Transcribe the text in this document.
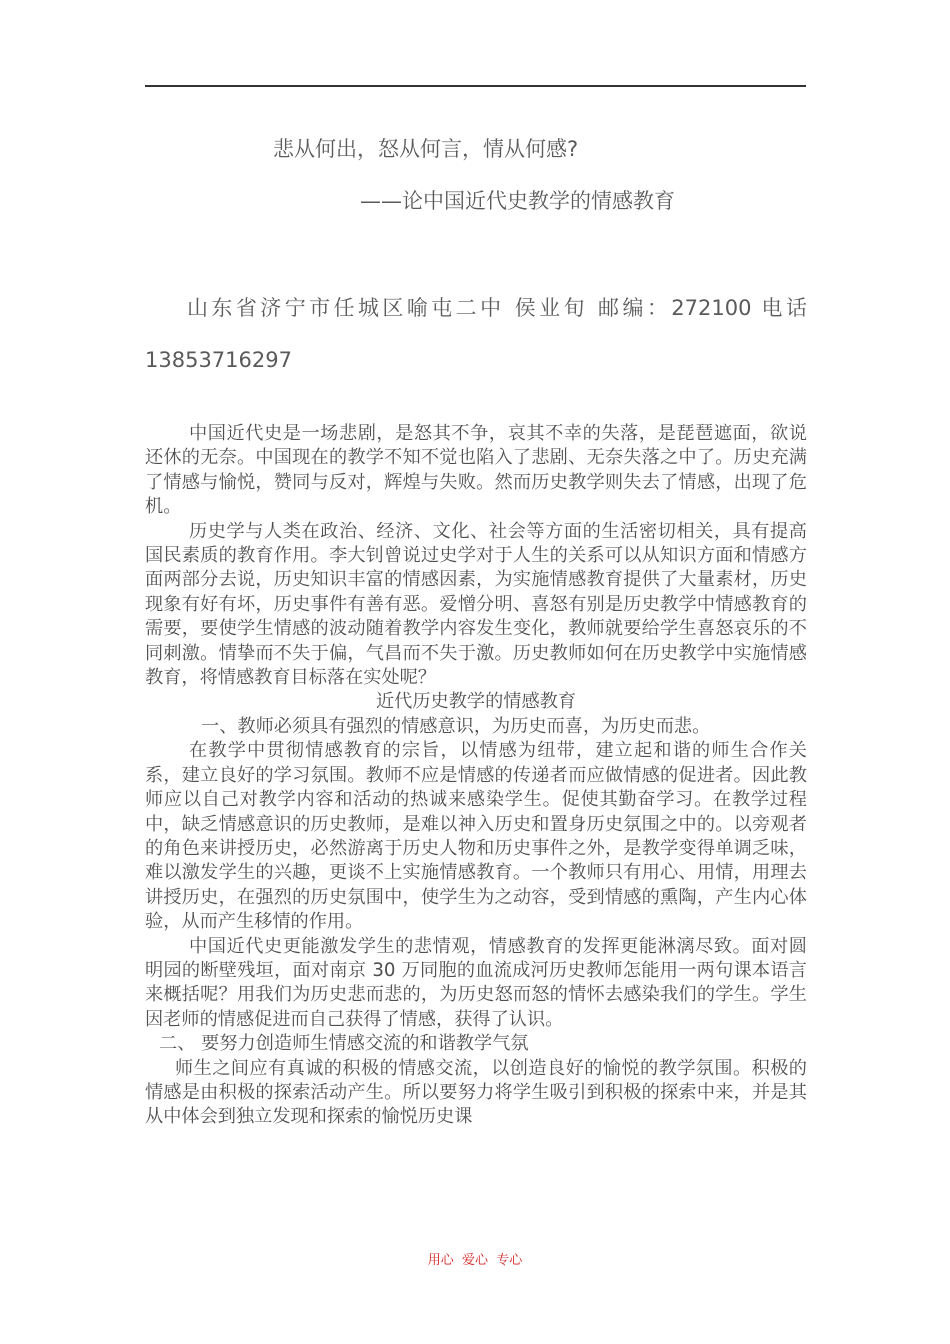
悲从何出，怒从何言，情从何感?
——论中国近代史教学的情感教育
山东省济宁市任城区喻屯二中 侯业旬 邮编：272100 电话 13853716297

中国近代史是一场悲剧，是怒其不争，哀其不幸的失落，是琵琶遮面，欲说还休的无奈。中国现在的教学不知不觉也陷入了悲剧、无奈失落之中了。历史充满了情感与愉悦，赞同与反对，辉煌与失败。然而历史教学则失去了情感，出现了危机。

历史学与人类在政治、经济、文化、社会等方面的生活密切相关，具有提高国民素质的教育作用。李大钊曾说过史学对于人生的关系可以从知识方面和情感方面两部分去说，历史知识丰富的情感因素，为实施情感教育提供了大量素材，历史现象有好有坏，历史事件有善有恶。爱憎分明、喜怒有别是历史教学中情感教育的需要，要使学生情感的波动随着教学内容发生变化，教师就要给学生喜怒哀乐的不同刺激。情挚而不失于偏，气昌而不失于激。历史教师如何在历史教学中实施情感教育，将情感教育目标落在实处呢？

近代历史教学的情感教育

一、教师必须具有强烈的情感意识，为历史而喜，为历史而悲。

在教学中贯彻情感教育的宗旨，以情感为纽带，建立起和谐的师生合作关系，建立良好的学习氛围。教师不应是情感的传递者而应做情感的促进者。因此教师应以自己对教学内容和活动的热诚来感染学生。促使其勤奋学习。在教学过程中，缺乏情感意识的历史教师，是难以神入历史和置身历史氛围之中的。以旁观者的角色来讲授历史，必然游离于历史人物和历史事件之外，是教学变得单调乏味，难以激发学生的兴趣，更谈不上实施情感教育。一个教师只有用心、用情，用理去讲授历史，在强烈的历史氛围中，使学生为之动容，受到情感的熏陶，产生内心体验，从而产生移情的作用。

中国近代史更能激发学生的悲情观，情感教育的发挥更能淋漓尽致。面对圆明园的断壁残垣，面对南京 30 万同胞的血流成河历史教师怎能用一两句课本语言来概括呢？用我们为历史悲而悲的，为历史怒而怒的情怀去感染我们的学生。学生因老师的情感促进而自己获得了情感，获得了认识。

二、 要努力创造师生情感交流的和谐教学气氛

师生之间应有真诚的积极的情感交流，以创造良好的愉悦的教学氛围。积极的情感是由积极的探索活动产生。所以要努力将学生吸引到积极的探索中来，并是其从中体会到独立发现和探索的愉悦历史课

用心  爱心  专心
